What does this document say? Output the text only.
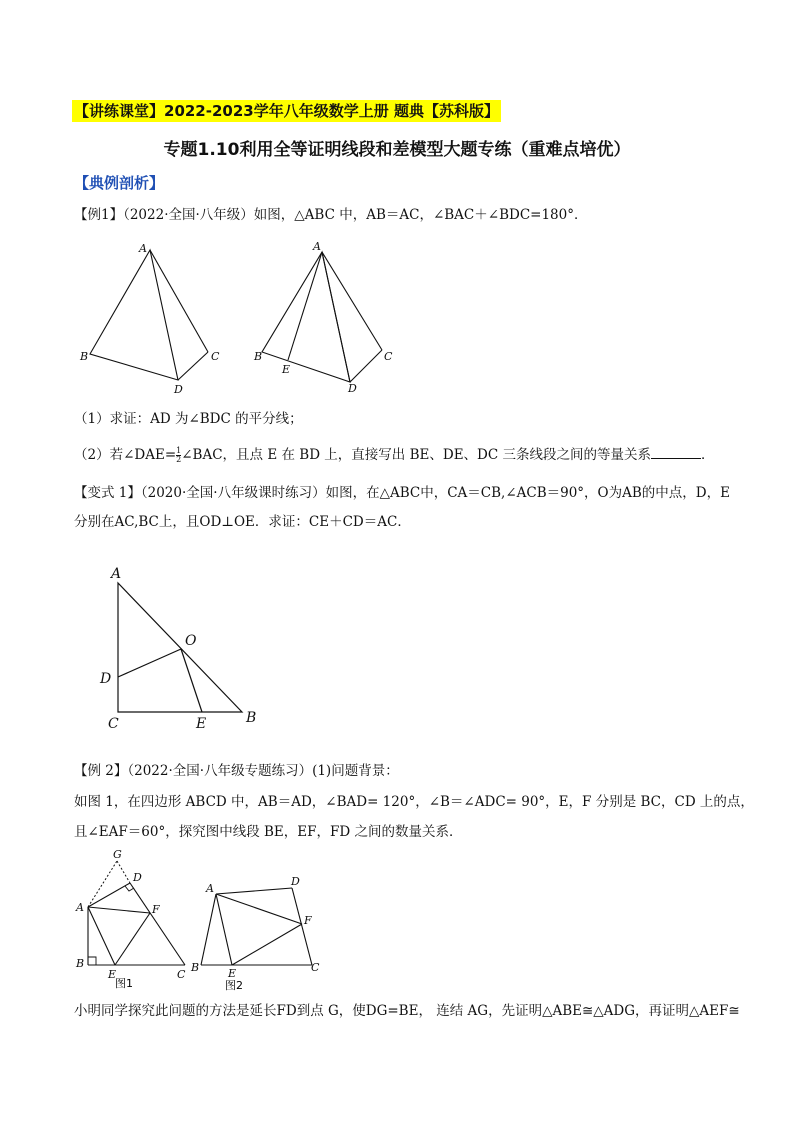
【讲练课堂】2022-2023学年八年级数学上册 题典【苏科版】
专题1.10利用全等证明线段和差模型大题专练（重难点培优）
【典例剖析】
【例1】（2022·全国·八年级）如图，△ABC 中，AB＝AC，∠BAC＋∠BDC=180°．
A
B	C
D
A
B	C
D
E
（1）求证：AD 为∠BDC 的平分线；
（2）若∠DAE= $\frac{1}{2}$ ∠BAC，且点 E 在 BD 上，直接写出 BE、DE、DC 三条线段之间的等量关系	．
【变式 1】（2020·全国·八年级课时练习）如图，在△ABC中，CA＝CB,∠ACB＝90°，O为AB的中点，D，E
分别在AC,BC上，且OD⊥OE．求证：CE＋CD＝AC．
A
O
D
C	E	B
【例 2】（2022·全国·八年级专题练习）(1)问题背景：
如图 1，在四边形 ABCD 中，AB＝AD，∠BAD= 120°，∠B＝∠ADC= 90°，E，F 分别是 BC，CD 上的点，
且∠EAF＝60°，探究图中线段 BE，EF，FD 之间的数量关系．
G
D
A	F
B
E	C
图1
A
D
F
B	E	C
图2
小明同学探究此问题的方法是延长FD到点 G，使DG=BE， 连结 AG，先证明△ABE≅△ADG，再证明△AEF≅
